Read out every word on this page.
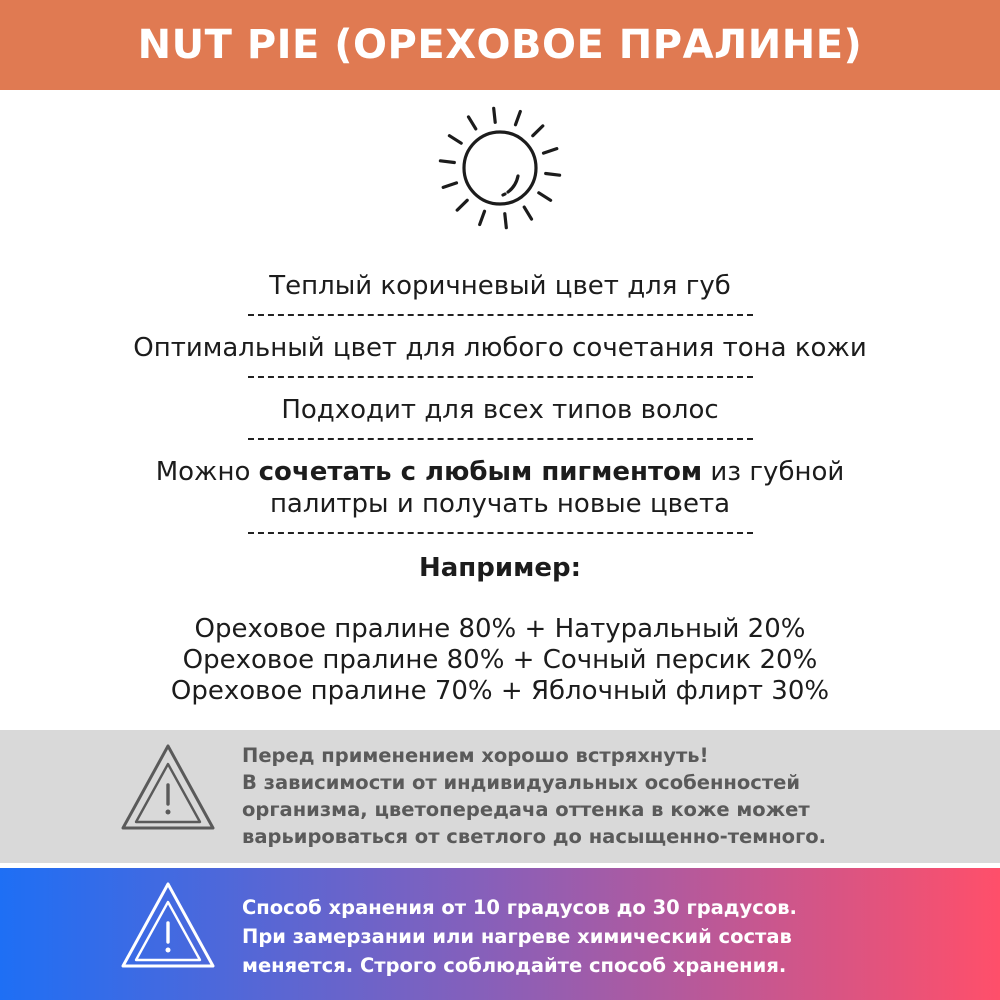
NUT PIE (ОРЕХОВОЕ ПРАЛИНЕ)
Теплый коричневый цвет для губ
Оптимальный цвет для любого сочетания тона кожи
Подходит для всех типов волос
Можно сочетать с любым пигментом из губной
палитры и получать новые цвета
Например:
Ореховое пралине 80% + Натуральный 20%
Ореховое пралине 80% + Сочный персик 20%
Ореховое пралине 70% + Яблочный флирт 30%
Перед применением хорошо встряхнуть!
В зависимости от индивидуальных особенностей
организма, цветопередача оттенка в коже может
варьироваться от светлого до насыщенно-темного.
Способ хранения от 10 градусов до 30 градусов.
При замерзании или нагреве химический состав
меняется. Строго соблюдайте способ хранения.
